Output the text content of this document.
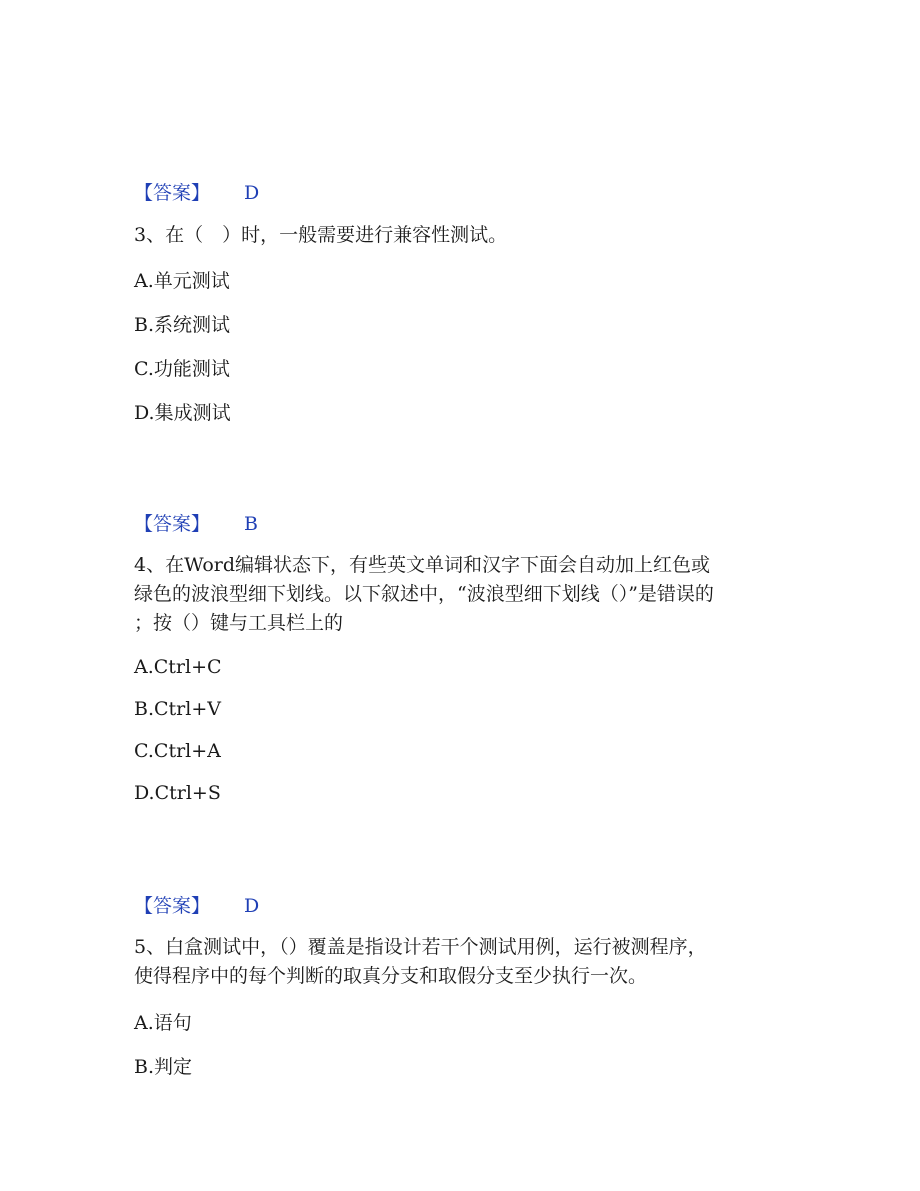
【答案】 D
3、在（　）时，一般需要进行兼容性测试。
A.单元测试
B.系统测试
C.功能测试
D.集成测试
【答案】 B
4、在Word编辑状态下，有些英文单词和汉字下面会自动加上红色或
绿色的波浪型细下划线。以下叙述中，“波浪型细下划线（）”是错误的
；按（）键与工具栏上的
A.Ctrl+C
B.Ctrl+V
C.Ctrl+A
D.Ctrl+S
【答案】 D
5、白盒测试中，（）覆盖是指设计若干个测试用例，运行被测程序，
使得程序中的每个判断的取真分支和取假分支至少执行一次。
A.语句
B.判定
